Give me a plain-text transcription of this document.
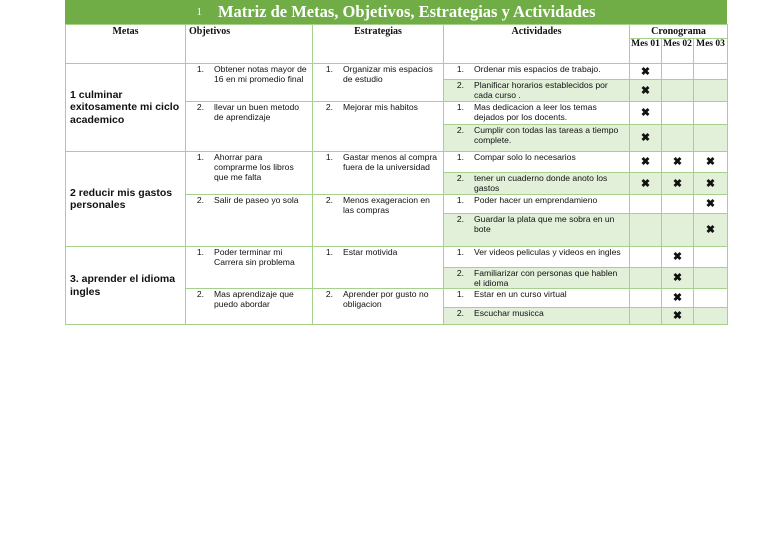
1 Matriz de Metas, Objetivos, Estrategias y Actividades
Metas	Objetivos	Estrategias	Actividades	Cronograma		
				Mes 01	Mes 02	Mes 03
1 culminar exitosamente mi ciclo academico	1. Obtener notas mayor de 16 en mi promedio final	1. Organizar mis espacios de estudio	1. Ordenar mis espacios de trabajo.	✖		

			2. Planificar horarios establecidos por cada curso .	✖		

	2. llevar un buen metodo de aprendizaje	2. Mejorar mis habitos	1. Mas dedicacion a leer los temas dejados por los docents.	✖		

			2. Cumplir con todas las tareas a tiempo complete.	✖		
2 reducir mis gastos personales	1. Ahorrar para comprarme los libros que me falta	1. Gastar menos al compra fuera de la universidad	1. Compar solo lo necesarios	✖	✖	✖

			2. tener un cuaderno donde anoto los gastos	✖	✖	✖

	2. Salir de paseo yo sola	2. Menos exageracion en las compras	1. Poder hacer un emprendamieno			✖

			2. Guardar la plata que me sobra en un bote			✖
3. aprender el idioma ingles	1. Poder terminar mi Carrera sin problema	1. Estar motivida	1. Ver videos peliculas y videos en ingles		✖	

			2. Familiarizar con personas que hablen el idioma		✖	

	2. Mas aprendizaje que puedo abordar	2. Aprender por gusto no obligacion	1. Estar en un curso virtual		✖	

			2. Escuchar musicca		✖	
